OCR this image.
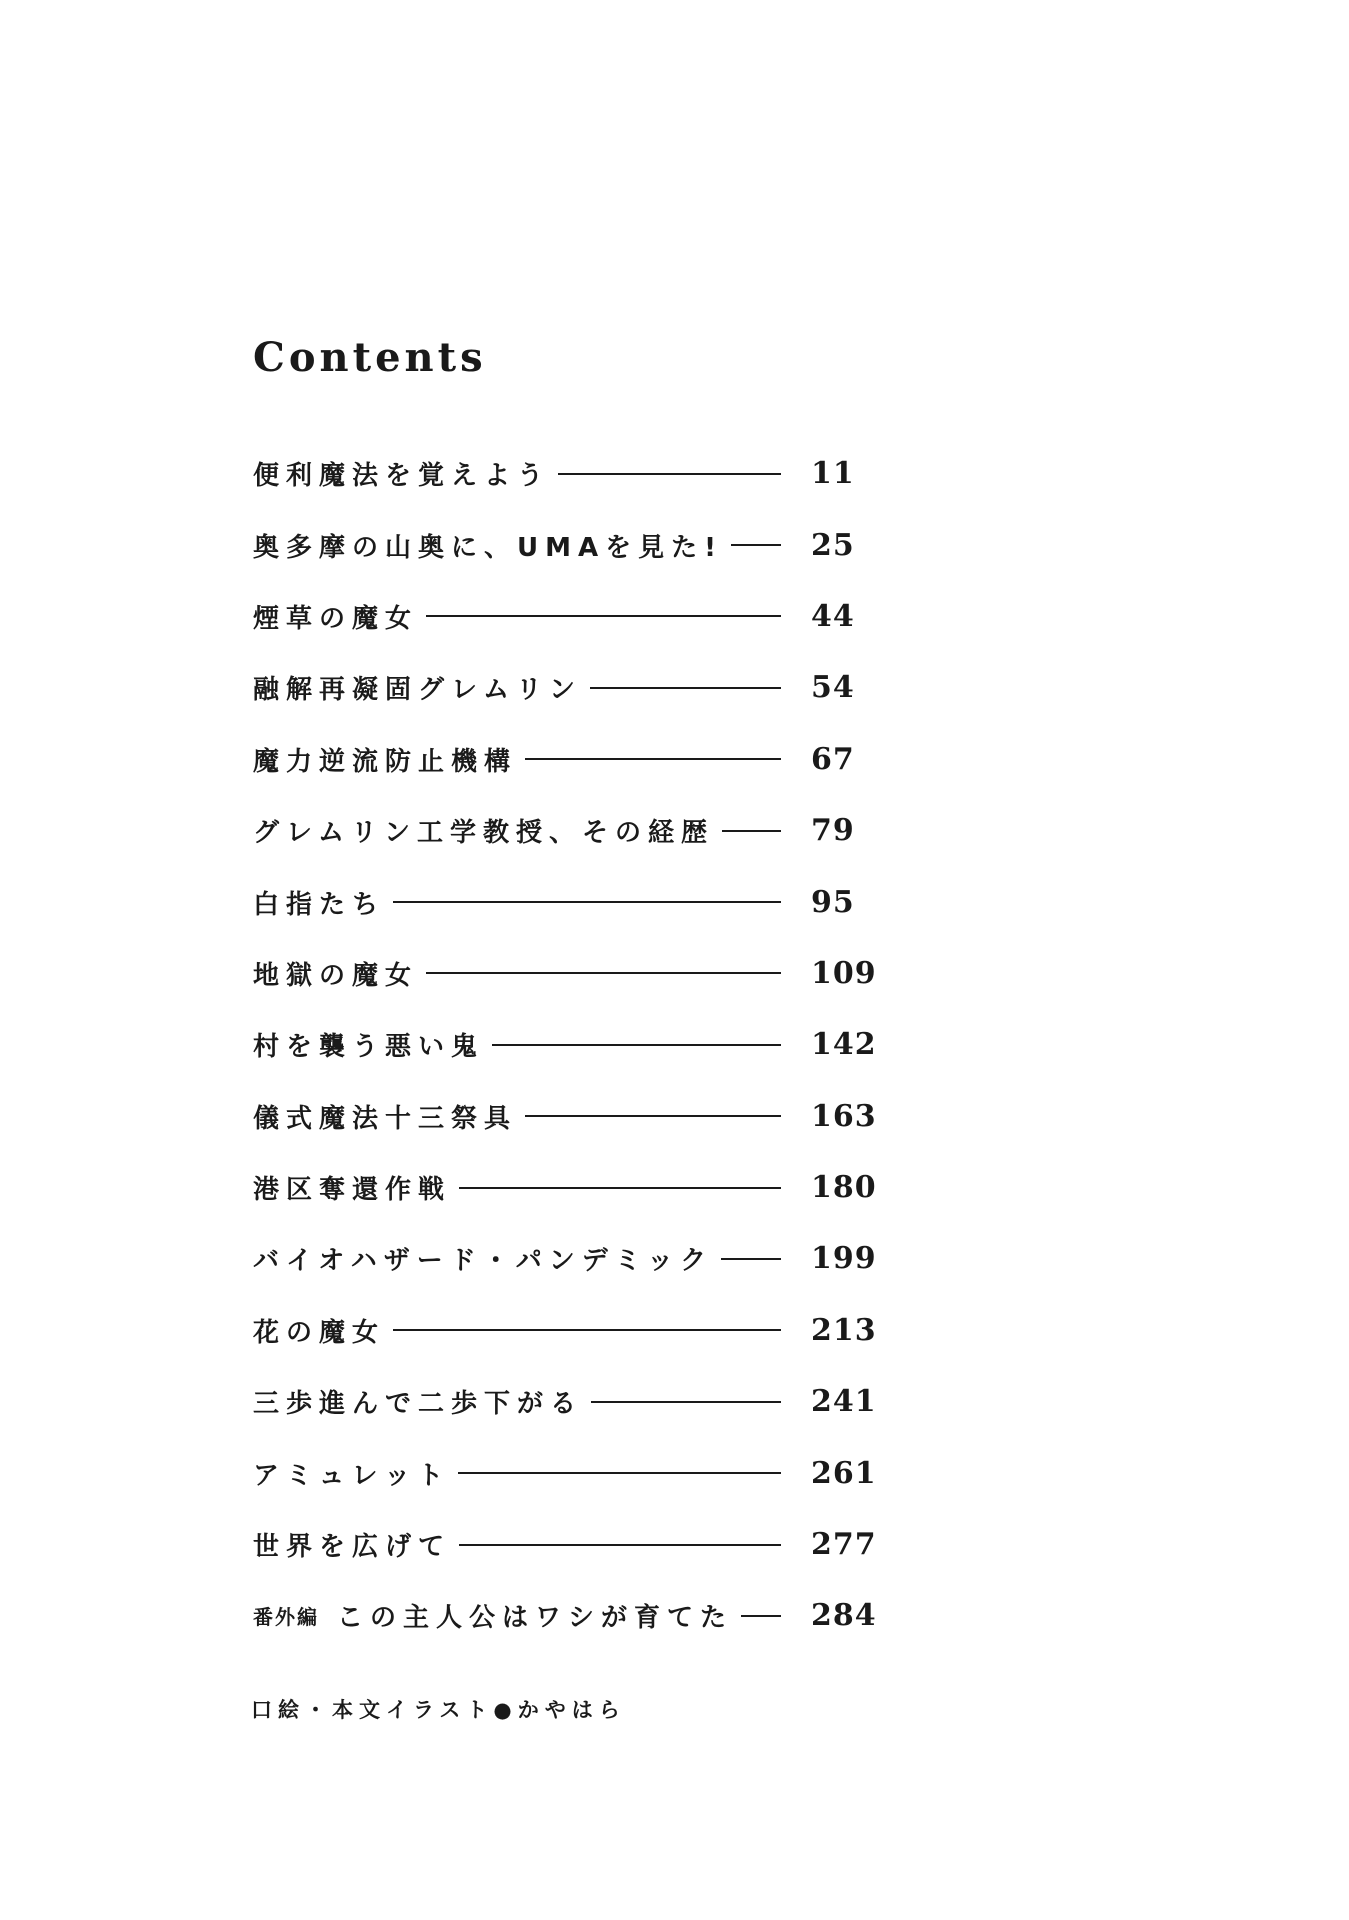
Contents
便利魔法を覚えよう	11
奥多摩の山奥に、UMAを見た!	25
煙草の魔女	44
融解再凝固グレムリン	54
魔力逆流防止機構	67
グレムリン工学教授、その経歴	79
白指たち	95
地獄の魔女	109
村を襲う悪い鬼	142
儀式魔法十三祭具	163
港区奪還作戦	180
バイオハザード・パンデミック	199
花の魔女	213
三歩進んで二歩下がる	241
アミュレット	261
世界を広げて	277
番外編 この主人公はワシが育てた	284
口絵・本文イラスト●かやはら
